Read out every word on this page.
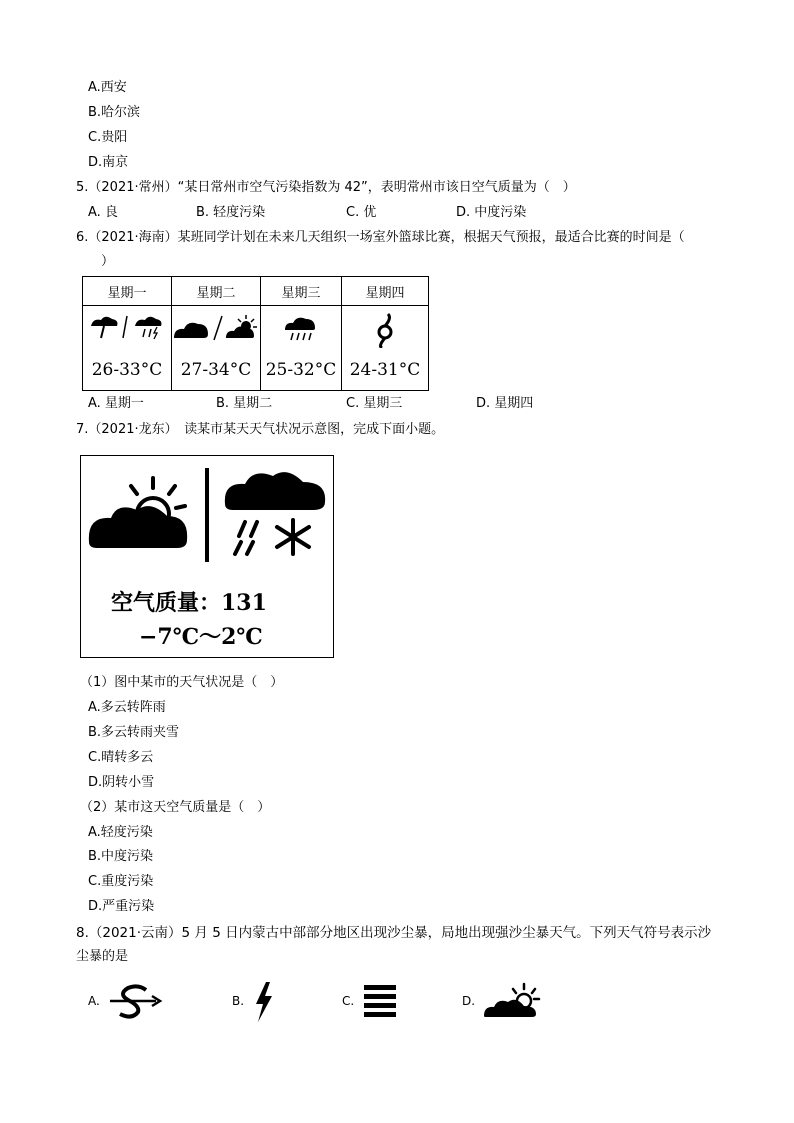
A.西安
B.哈尔滨
C.贵阳
D.南京
5.（2021·常州）“某日常州市空气污染指数为 42”，表明常州市该日空气质量为（　）
A. 良	B. 轻度污染	C. 优	D. 中度污染
6.（2021·海南）某班同学计划在未来几天组织一场室外篮球比赛，根据天气预报，最适合比赛的时间是（
　）
星期一	星期二	星期三	星期四

26-33°C	27-34°C	25-32°C	24-31°C
A. 星期一	B. 星期二	C. 星期三	D. 星期四
7.（2021·龙东）　读某市某天天气状况示意图，完成下面小题。
空气质量：131
−7℃～2℃
（1）图中某市的天气状况是（　）
A.多云转阵雨
B.多云转雨夹雪
C.晴转多云
D.阴转小雪
（2）某市这天空气质量是（　）
A.轻度污染
B.中度污染
C.重度污染
D.严重污染
8.（2021·云南）5 月 5 日内蒙古中部部分地区出现沙尘暴，局地出现强沙尘暴天气。下列天气符号表示沙
尘暴的是
A.	B.	C.	D.
